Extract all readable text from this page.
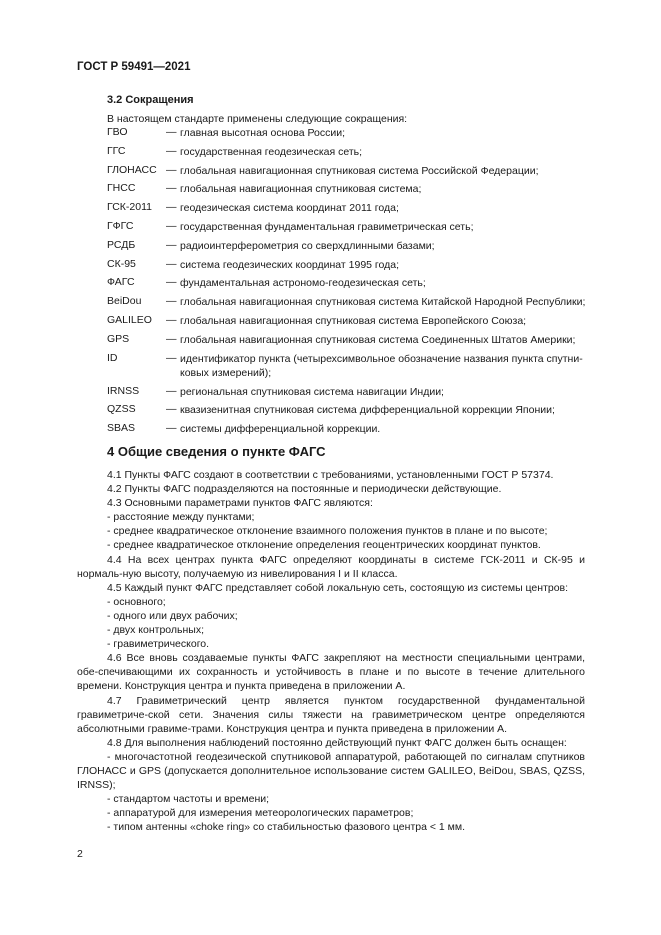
ГОСТ Р 59491—2021
3.2 Сокращения
В настоящем стандарте применены следующие сокращения:
ГВО	— главная высотная основа России;
ГГС	— государственная геодезическая сеть;
ГЛОНАСС — глобальная навигационная спутниковая система Российской Федерации;
ГНСС	— глобальная навигационная спутниковая система;
ГСК-2011 — геодезическая система координат 2011 года;
ГФГС	— государственная фундаментальная гравиметрическая сеть;
РСДБ	— радиоинтерферометрия со сверхдлинными базами;
СК-95	— система геодезических координат 1995 года;
ФАГС	— фундаментальная астрономо-геодезическая сеть;
BeiDou — глобальная навигационная спутниковая система Китайской Народной Республики;
GALILEO — глобальная навигационная спутниковая система Европейского Союза;
GPS	— глобальная навигационная спутниковая система Соединенных Штатов Америки;
ID	— идентификатор пункта (четырехсимвольное обозначение названия пункта спутни-ковых измерений);
IRNSS	— региональная спутниковая система навигации Индии;
QZSS	— квазизенитная спутниковая система дифференциальной коррекции Японии;
SBAS	— системы дифференциальной коррекции.
4 Общие сведения о пункте ФАГС
4.1 Пункты ФАГС создают в соответствии с требованиями, установленными ГОСТ Р 57374.
4.2 Пункты ФАГС подразделяются на постоянные и периодически действующие.
4.3 Основными параметрами пунктов ФАГС являются:
- расстояние между пунктами;
- среднее квадратическое отклонение взаимного положения пунктов в плане и по высоте;
- среднее квадратическое отклонение определения геоцентрических координат пунктов.
4.4 На всех центрах пункта ФАГС определяют координаты в системе ГСК-2011 и СК-95 и нормаль-ную высоту, получаемую из нивелирования I и II класса.
4.5 Каждый пункт ФАГС представляет собой локальную сеть, состоящую из системы центров:
- основного;
- одного или двух рабочих;
- двух контрольных;
- гравиметрического.
4.6 Все вновь создаваемые пункты ФАГС закрепляют на местности специальными центрами, обе-спечивающими их сохранность и устойчивость в плане и по высоте в течение длительного времени. Конструкция центра и пункта приведена в приложении А.
4.7 Гравиметрический центр является пунктом государственной фундаментальной гравиметриче-ской сети. Значения силы тяжести на гравиметрическом центре определяются абсолютными гравиме-трами. Конструкция центра и пункта приведена в приложении А.
4.8 Для выполнения наблюдений постоянно действующий пункт ФАГС должен быть оснащен:
- многочастотной геодезической спутниковой аппаратурой, работающей по сигналам спутников ГЛОНАСС и GPS (допускается дополнительное использование систем GALILEO, BeiDou, SBAS, QZSS, IRNSS);
- стандартом частоты и времени;
- аппаратурой для измерения метеорологических параметров;
- типом антенны «choke ring» со стабильностью фазового центра < 1 мм.
2
